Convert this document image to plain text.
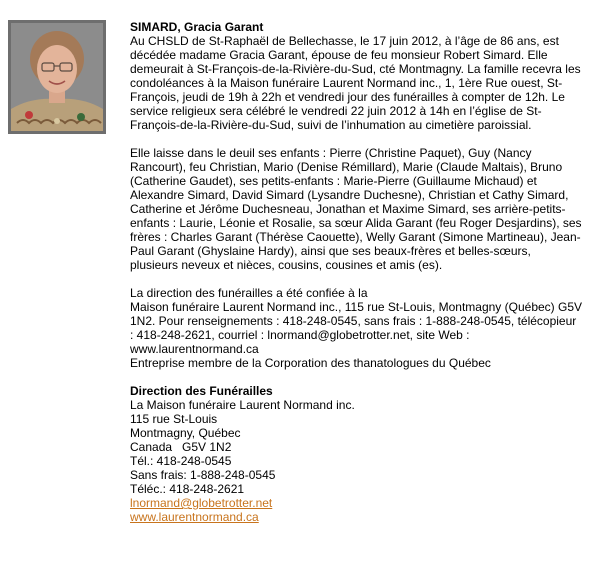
SIMARD, Gracia Garant
Au CHSLD de St-Raphaël de Bellechasse, le 17 juin 2012, à l’âge de 86 ans, est décédée madame Gracia Garant, épouse de feu monsieur Robert Simard. Elle demeurait à St-François-de-la-Rivière-du-Sud, cté Montmagny. La famille recevra les condoléances à la Maison funéraire Laurent Normand inc., 1, 1ère Rue ouest, St-François, jeudi de 19h à 22h et vendredi jour des funérailles à compter de 12h. Le service religieux sera célébré le vendredi 22 juin 2012 à 14h en l’église de St-François-de-la-Rivière-du-Sud, suivi de l’inhumation au cimetière paroissial.

Elle laisse dans le deuil ses enfants : Pierre (Christine Paquet), Guy (Nancy Rancourt), feu Christian, Mario (Denise Rémillard), Marie (Claude Maltais), Bruno (Catherine Gaudet), ses petits-enfants : Marie-Pierre (Guillaume Michaud) et Alexandre Simard, David Simard (Lysandre Duchesne), Christian et Cathy Simard, Catherine et Jérôme Duchesneau, Jonathan et Maxime Simard, ses arrière-petits-enfants : Laurie, Léonie et Rosalie, sa sœur Alida Garant (feu Roger Desjardins), ses frères : Charles Garant (Thérèse Caouette), Welly Garant (Simone Martineau), Jean-Paul Garant (Ghyslaine Hardy), ainsi que ses beaux-frères et belles-sœurs, plusieurs neveux et nièces, cousins, cousines et amis (es).

La direction des funérailles a été confiée à la
Maison funéraire Laurent Normand inc., 115 rue St-Louis, Montmagny (Québec) G5V 1N2. Pour renseignements : 418-248-0545, sans frais : 1-888-248-0545, télécopieur : 418-248-2621, courriel : lnormand@globetrotter.net, site Web : www.laurentnormand.ca
Entreprise membre de la Corporation des thanatologues du Québec

Direction des Funérailles
La Maison funéraire Laurent Normand inc.
115 rue St-Louis
Montmagny, Québec
Canada   G5V 1N2
Tél.: 418-248-0545
Sans frais: 1-888-248-0545
Téléc.: 418-248-2621
lnormand@globetrotter.net
www.laurentnormand.ca
